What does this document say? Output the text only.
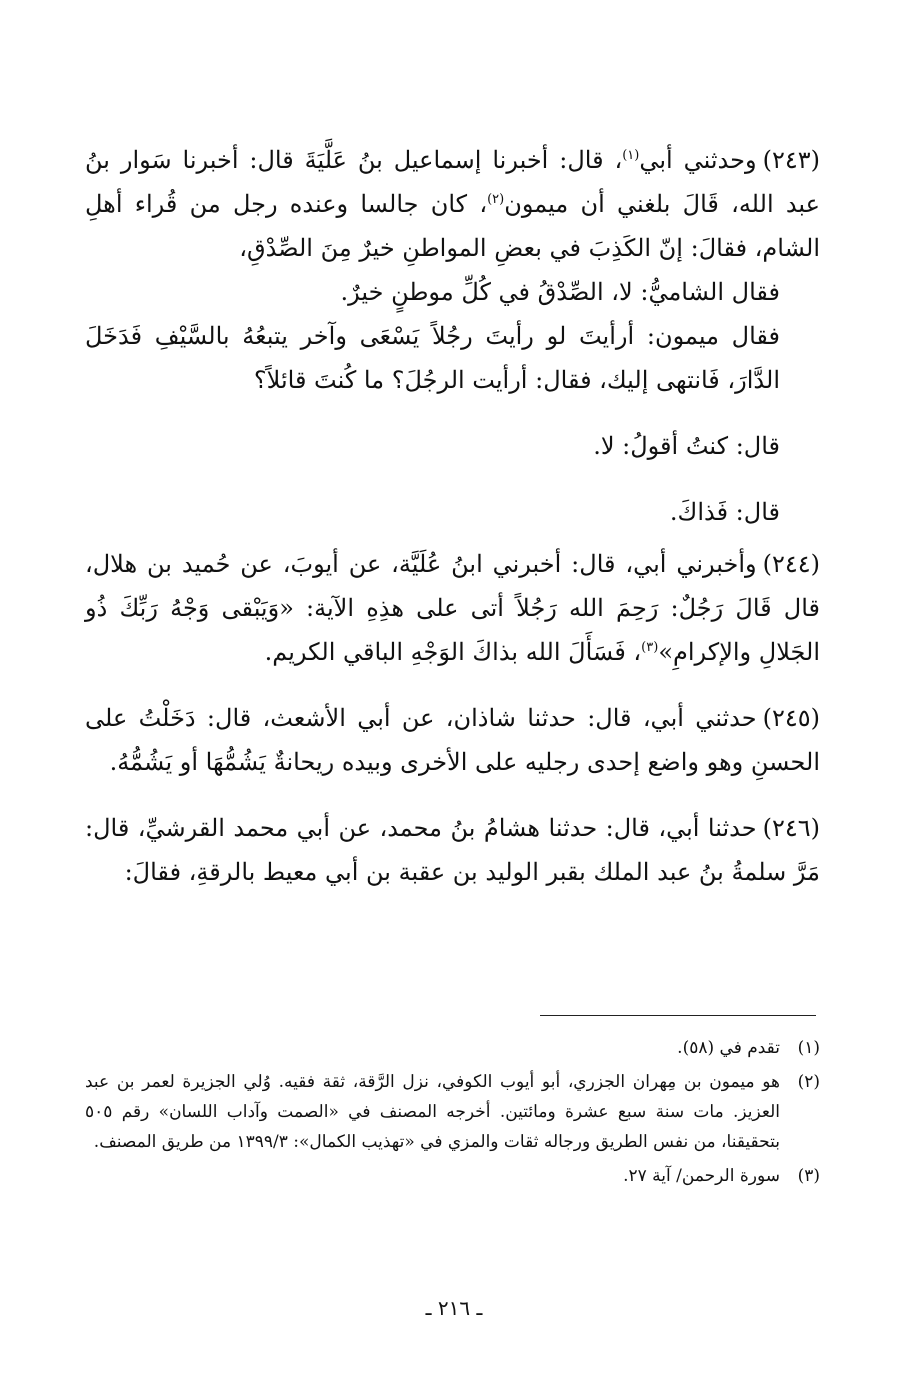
(٢٤٣)وحدثني أبي$^{(١)}$، قال: أخبرنا إسماعيل بنُ عَلَّيَةَ قال: أخبرنا سَوار بنُ عبد الله، قَالَ بلغني أن ميمون$^{(٢)}$، كان جالسا وعنده رجل من قُراء أهلِ الشام، فقالَ: إنّ الكَذِبَ في بعضِ المواطنِ خيرٌ مِنَ الصِّدْقِ،

فقال الشاميُّ: لا، الصِّدْقُ في كُلِّ موطنٍ خيرٌ.

فقال ميمون: أرأيتَ لو رأيتَ رجُلاً يَسْعَى وآخر يتبعُهُ بالسَّيْفِ فَدَخَلَ الدَّارَ، فَانتهى إليك، فقال: أرأيت الرجُلَ؟ ما كُنتَ قائلاً؟

قال: كنتُ أقولُ: لا.

قال: فَذاكَ.

(٢٤٤)وأخبرني أبي، قال: أخبرني ابنُ عُلَيَّة، عن أيوبَ، عن حُميد بن هلال، قال قَالَ رَجُلٌ: رَحِمَ الله رَجُلاً أتى على هذِهِ الآية: «وَيَبْقى وَجْهُ رَبِّكَ ذُو الجَلالِ والإكرامِ»$^{(٣)}$، فَسَأَلَ الله بذاكَ الوَجْهِ الباقي الكريم.

(٢٤٥)حدثني أبي، قال: حدثنا شاذان، عن أبي الأشعث، قال: دَخَلْتُ على الحسنِ وهو واضع إحدى رجليه على الأخرى وبيده ريحانةٌ يَشُمُّهَا أو يَشُمُّهُ.

(٢٤٦)حدثنا أبي، قال: حدثنا هشامُ بنُ محمد، عن أبي محمد القرشيِّ، قال: مَرَّ سلمةُ بنُ عبد الملك بقبر الوليد بن عقبة بن أبي معيط بالرقةِ، فقالَ:

(١)
تقدم في (٥٨).
(٢)
هو ميمون بن مِهران الجزري، أبو أيوب الكوفي، نزل الرَّقة، ثقة فقيه. وُلي الجزيرة لعمر بن عبد العزيز. مات سنة سبع عشرة ومائتين. أخرجه المصنف في «الصمت وآداب اللسان» رقم ٥٠٥ بتحقيقنا، من نفس الطريق ورجاله ثقات والمزي في «تهذيب الكمال»: ١٣٩٩/٣ من طريق المصنف.
(٣)
سورة الرحمن/ آية ٢٧.
ـ ٢١٦ ـ
